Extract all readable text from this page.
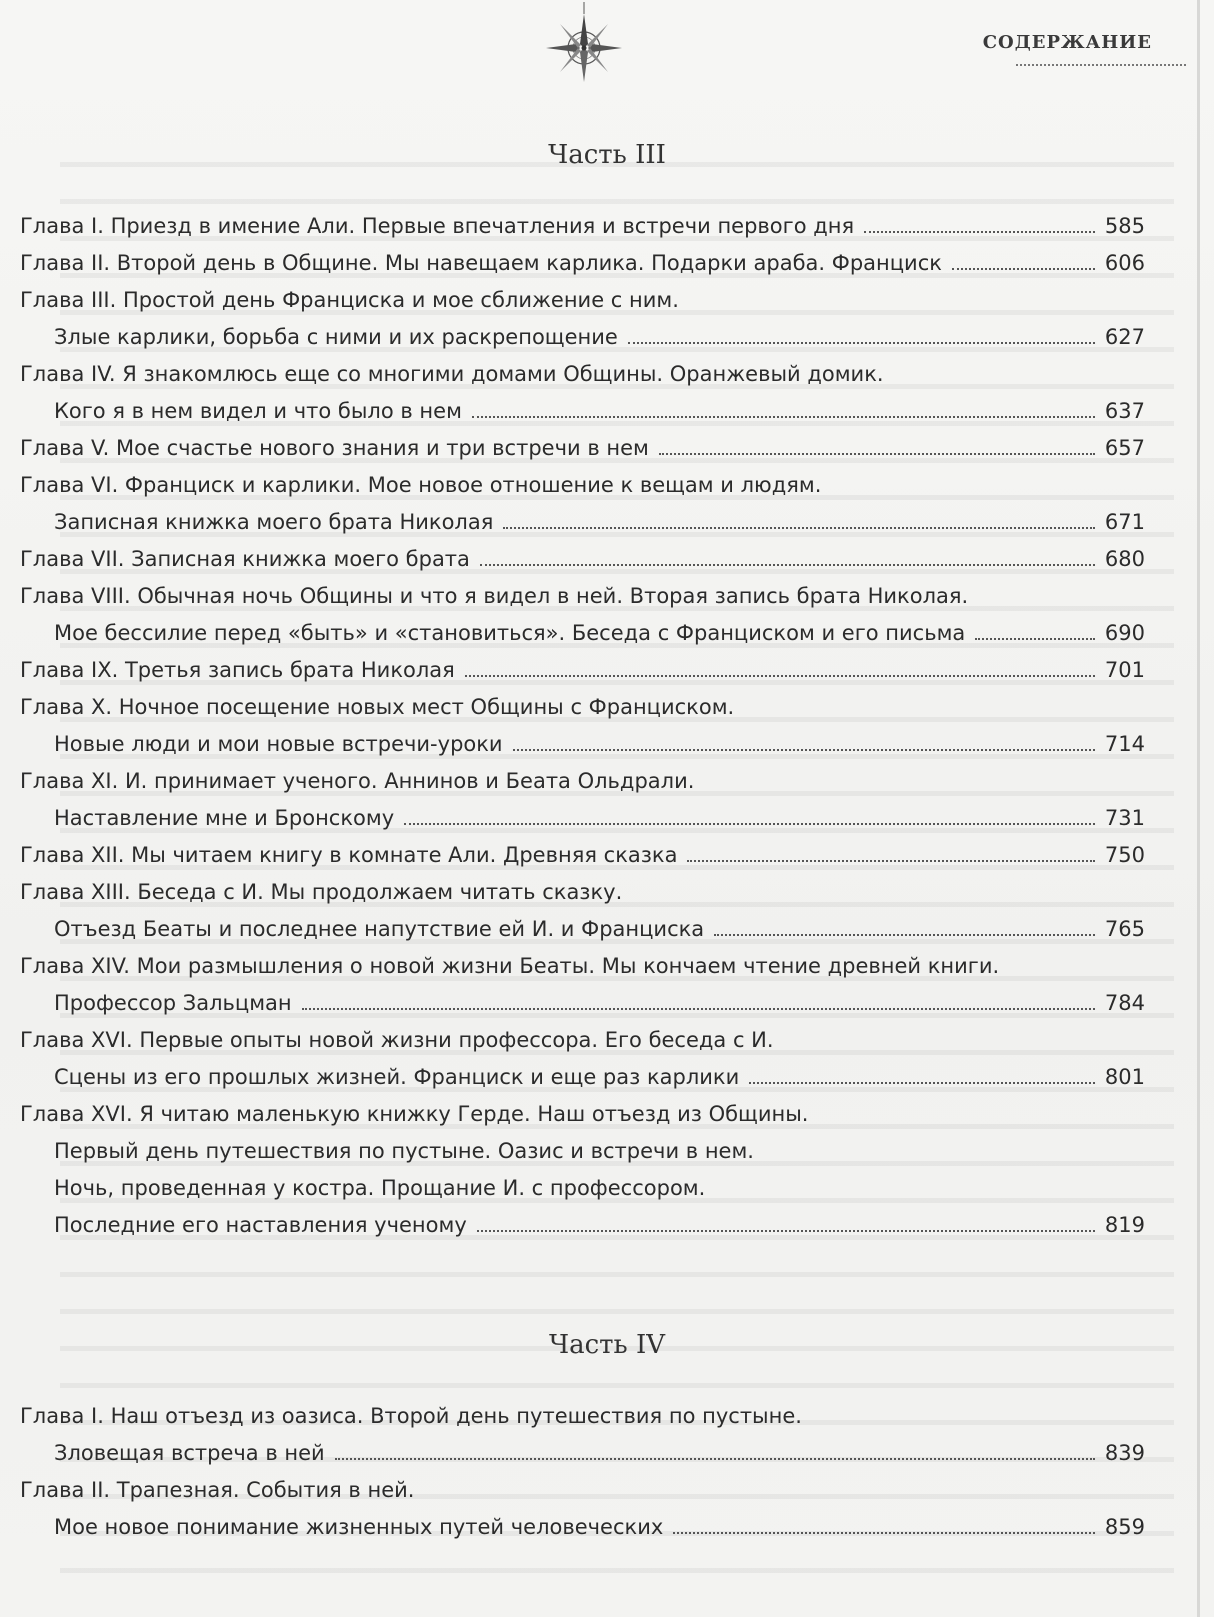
СОДЕРЖАНИЕ
Часть III
Глава I. Приезд в имение Али. Первые впечатления и встречи первого дня	585
Глава II. Второй день в Общине. Мы навещаем карлика. Подарки араба. Франциск	606
Глава III. Простой день Франциска и мое сближение с ним.
Злые карлики, борьба с ними и их раскрепощение	627
Глава IV. Я знакомлюсь еще со многими домами Общины. Оранжевый домик.
Кого я в нем видел и что было в нем	637
Глава V. Мое счастье нового знания и три встречи в нем	657
Глава VI. Франциск и карлики. Мое новое отношение к вещам и людям.
Записная книжка моего брата Николая	671
Глава VII. Записная книжка моего брата	680
Глава VIII. Обычная ночь Общины и что я видел в ней. Вторая запись брата Николая.
Мое бессилие перед «быть» и «становиться». Беседа с Франциском и его письма	690
Глава IX. Третья запись брата Николая	701
Глава X. Ночное посещение новых мест Общины с Франциском.
Новые люди и мои новые встречи-уроки	714
Глава XI. И. принимает ученого. Аннинов и Беата Ольдрали.
Наставление мне и Бронскому	731
Глава XII. Мы читаем книгу в комнате Али. Древняя сказка	750
Глава XIII. Беседа с И. Мы продолжаем читать сказку.
Отъезд Беаты и последнее напутствие ей И. и Франциска	765
Глава XIV. Мои размышления о новой жизни Беаты. Мы кончаем чтение древней книги.
Профессор Зальцман	784
Глава XVI. Первые опыты новой жизни профессора. Его беседа с И.
Сцены из его прошлых жизней. Франциск и еще раз карлики	801
Глава XVI. Я читаю маленькую книжку Герде. Наш отъезд из Общины.
Первый день путешествия по пустыне. Оазис и встречи в нем.
Ночь, проведенная у костра. Прощание И. с профессором.
Последние его наставления ученому	819
Часть IV
Глава I. Наш отъезд из оазиса. Второй день путешествия по пустыне.
Зловещая встреча в ней	839
Глава II. Трапезная. События в ней.
Мое новое понимание жизненных путей человеческих	859
